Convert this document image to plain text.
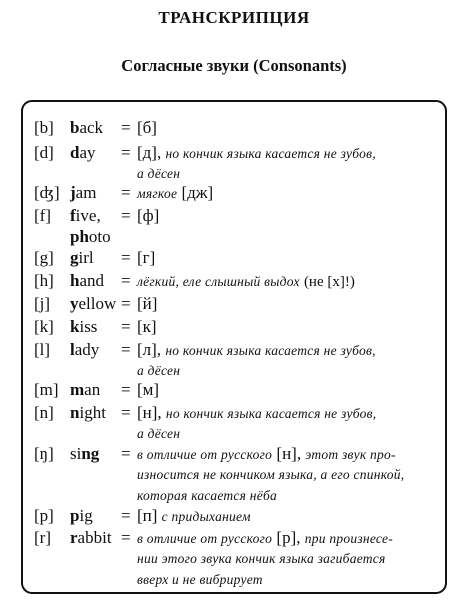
ТРАНСКРИПЦИЯ
Согласные звуки (Consonants)
[b] back = [б]
[d] day = [д], но кончик языка касается не зубов,
а дёсен
[ʤ] jam = мягкое [дж]
[f] five, = [ф]
photo
[g] girl = [г]
[h] hand = лёгкий, еле слышный выдох (не [х]!)
[j] yellow = [й]
[k] kiss = [к]
[l] lady = [л], но кончик языка касается не зубов,
а дёсен
[m] man = [м]
[n] night = [н], но кончик языка касается не зубов,
а дёсен
[ŋ] sing = в отличие от русского [н], этот звук про-
износится не кончиком языка, а его спинкой,
которая касается нёба
[p] pig = [п] с придыханием
[r] rabbit = в отличие от русского [р], при произнесе-
нии этого звука кончик языка загибается
вверх и не вибрирует
